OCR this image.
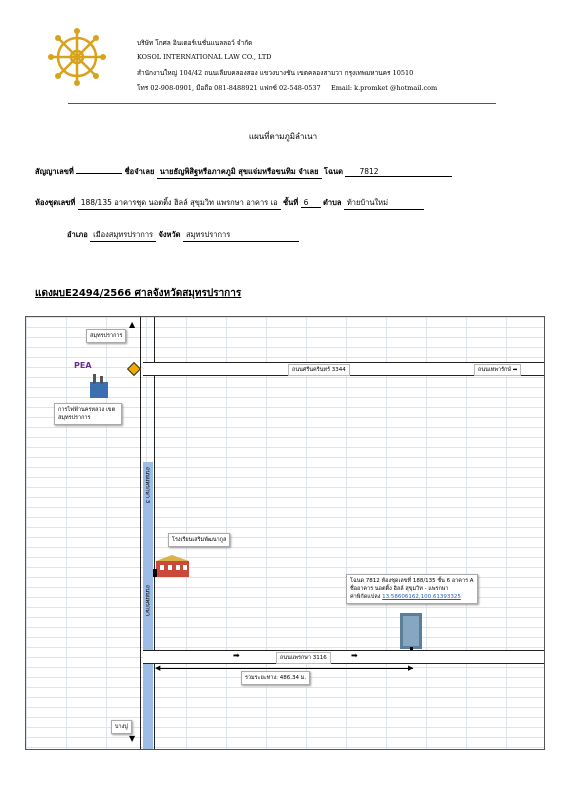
บริษัท โกศล อินเตอร์เนชั่นแนลลอว์ จำกัด
KOSOL INTERNATIONAL LAW CO., LTD
สำนักงานใหญ่ 104/42 ถนนเลียบคลองสอง แขวงบางชัน เขตคลองสามวา กรุงเทพมหานคร 10510
โทร 02-908-0901, มือถือ 081-8488921 แฟกซ์ 02-548-0537 Email: k.promket @hotmail.com
แผนที่ตามภูมิลำเนา
สัญญาเลขที่	ชื่อจำเลย นายธัญพิสิฐหรือภาคภูมิ สุขแจ่มหรือขนทิม จำเลย โฉนด 7812
ห้องชุดเลขที่ 188/135 อาคารชุด นอตติ้ง ฮิลล์ สุขุมวิท แพรกษา อาคาร เอ ชั้นที่ 6 ตำบล ท้ายบ้านใหม่
อำเภอ เมืองสมุทรปราการ จังหวัด สมุทรปราการ
แดงผบE2494/2566 ศาลจังหวัดสมุทรปราการ
สมุทรปราการ
▲
PEA
การไฟฟ้านครหลวง เขตสมุทรปราการ
ถนนศรีนครินทร์ 3344	ถนนเทพารักษ์ ➡
ถนนแพรกษา 3
ถนนแพรกษา
โรงเรียนเสริมพัฒนากูล
โฉนด 7812 ห้องชุดเลขที่ 188/135 ชั้น 6 อาคาร A
ชื่ออาคาร นอตติ้ง ฮิลล์ สุขุมวิท - แพรกษา
ค่าพิกัดแปลง 13.58606162,100.61393325
➡	ถนนแพรกษา 3116	➡
◀	▶
รวมระยะทาง: 486.34 ม.
บางปู
▼
